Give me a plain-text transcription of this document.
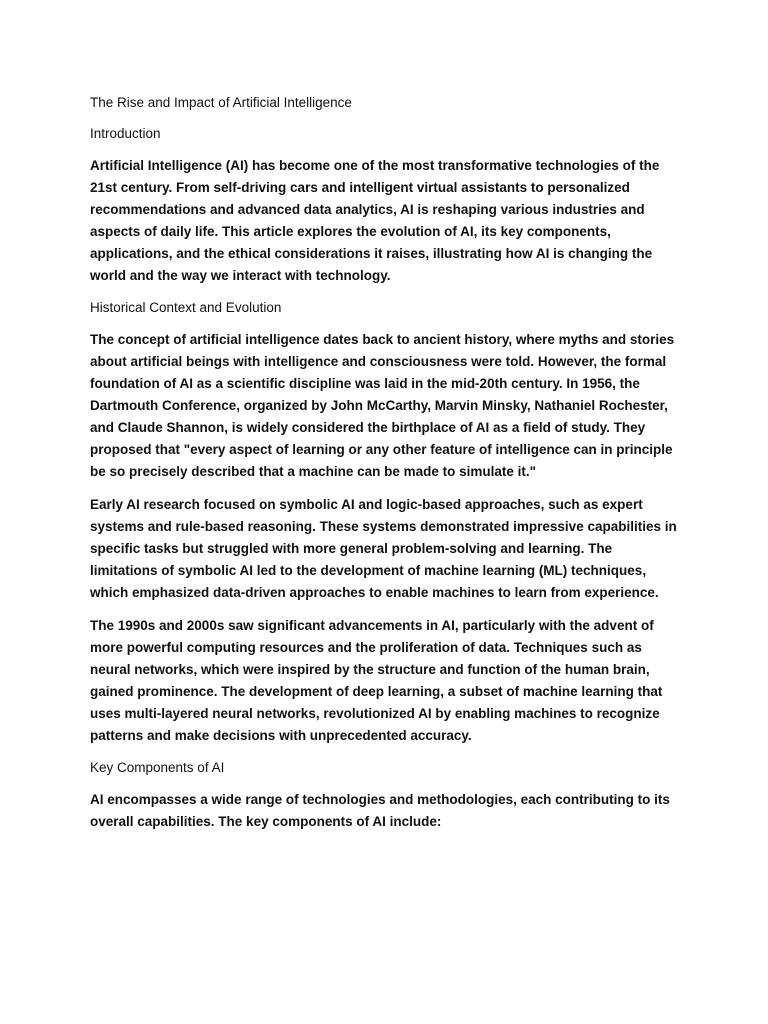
The Rise and Impact of Artificial Intelligence

Introduction

Artificial Intelligence (AI) has become one of the most transformative technologies of the 21st century. From self-driving cars and intelligent virtual assistants to personalized recommendations and advanced data analytics, AI is reshaping various industries and aspects of daily life. This article explores the evolution of AI, its key components, applications, and the ethical considerations it raises, illustrating how AI is changing the world and the way we interact with technology.

Historical Context and Evolution

The concept of artificial intelligence dates back to ancient history, where myths and stories about artificial beings with intelligence and consciousness were told. However, the formal foundation of AI as a scientific discipline was laid in the mid-20th century. In 1956, the Dartmouth Conference, organized by John McCarthy, Marvin Minsky, Nathaniel Rochester, and Claude Shannon, is widely considered the birthplace of AI as a field of study. They proposed that "every aspect of learning or any other feature of intelligence can in principle be so precisely described that a machine can be made to simulate it."

Early AI research focused on symbolic AI and logic-based approaches, such as expert systems and rule-based reasoning. These systems demonstrated impressive capabilities in specific tasks but struggled with more general problem-solving and learning. The limitations of symbolic AI led to the development of machine learning (ML) techniques, which emphasized data-driven approaches to enable machines to learn from experience.

The 1990s and 2000s saw significant advancements in AI, particularly with the advent of more powerful computing resources and the proliferation of data. Techniques such as neural networks, which were inspired by the structure and function of the human brain, gained prominence. The development of deep learning, a subset of machine learning that uses multi-layered neural networks, revolutionized AI by enabling machines to recognize patterns and make decisions with unprecedented accuracy.

Key Components of AI

AI encompasses a wide range of technologies and methodologies, each contributing to its overall capabilities. The key components of AI include:
